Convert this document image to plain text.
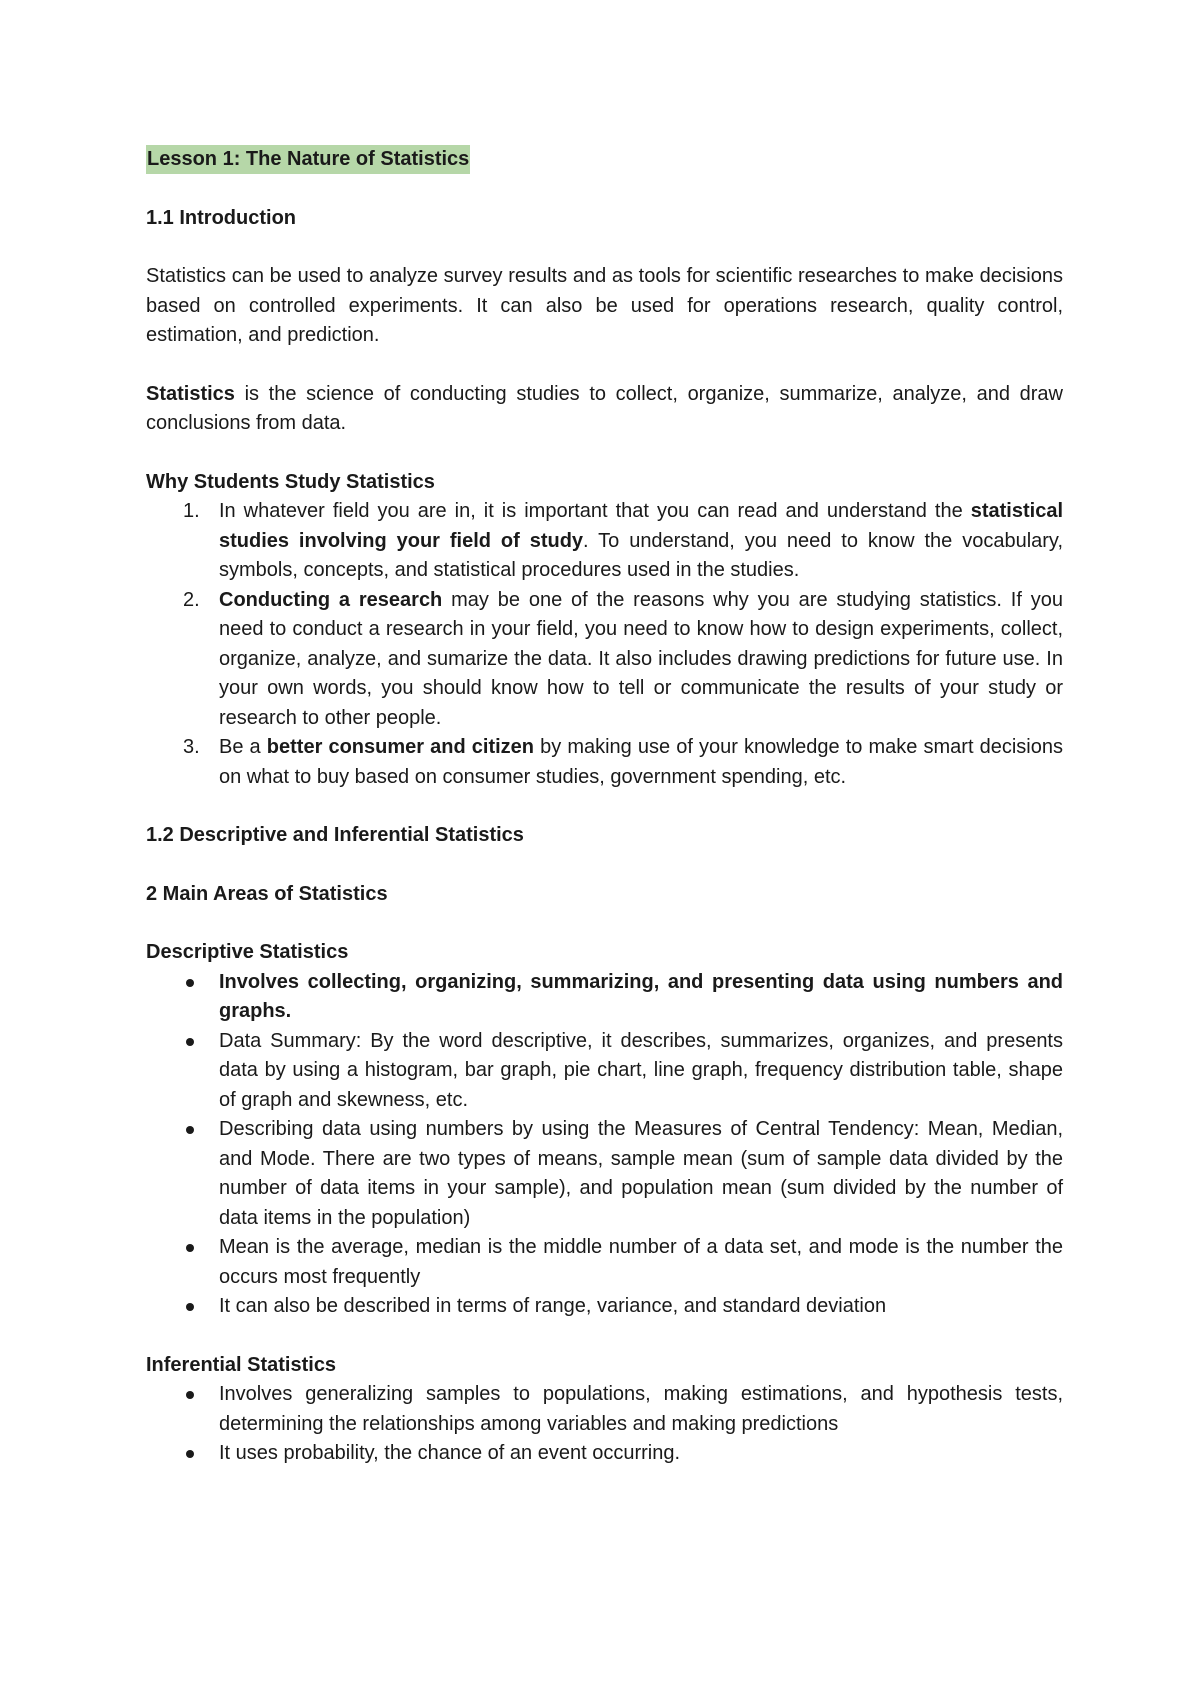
Lesson 1: The Nature of Statistics

1.1 Introduction

Statistics can be used to analyze survey results and as tools for scientific researches to make decisions based on controlled experiments. It can also be used for operations research, quality control, estimation, and prediction.

Statistics is the science of conducting studies to collect, organize, summarize, analyze, and draw conclusions from data.

Why Students Study Statistics

1. In whatever field you are in, it is important that you can read and understand the statistical studies involving your field of study. To understand, you need to know the vocabulary, symbols, concepts, and statistical procedures used in the studies.
2. Conducting a research may be one of the reasons why you are studying statistics. If you need to conduct a research in your field, you need to know how to design experiments, collect, organize, analyze, and sumarize the data. It also includes drawing predictions for future use. In your own words, you should know how to tell or communicate the results of your study or research to other people.
3. Be a better consumer and citizen by making use of your knowledge to make smart decisions on what to buy based on consumer studies, government spending, etc.

1.2 Descriptive and Inferential Statistics

2 Main Areas of Statistics

Descriptive Statistics

Involves collecting, organizing, summarizing, and presenting data using numbers and graphs.
Data Summary: By the word descriptive, it describes, summarizes, organizes, and presents data by using a histogram, bar graph, pie chart, line graph, frequency distribution table, shape of graph and skewness, etc.
Describing data using numbers by using the Measures of Central Tendency: Mean, Median, and Mode. There are two types of means, sample mean (sum of sample data divided by the number of data items in your sample), and population mean (sum divided by the number of data items in the population)
Mean is the average, median is the middle number of a data set, and mode is the number the occurs most frequently
It can also be described in terms of range, variance, and standard deviation

Inferential Statistics

Involves generalizing samples to populations, making estimations, and hypothesis tests, determining the relationships among variables and making predictions
It uses probability, the chance of an event occurring.
